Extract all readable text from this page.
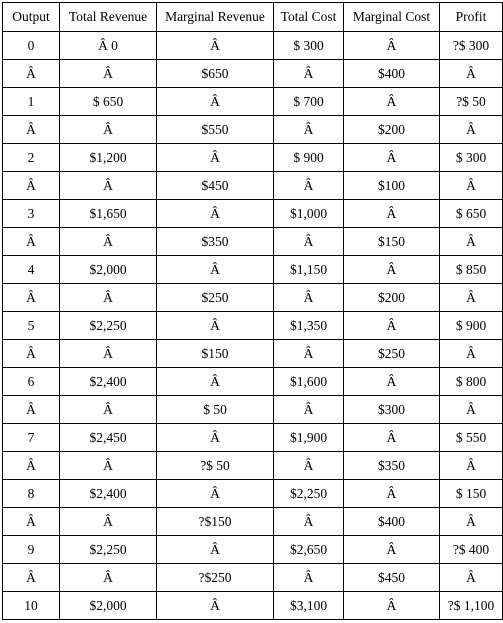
Output	Total Revenue	Marginal Revenue	Total Cost	Marginal Cost	Profit
0	Â 0	Â	$ 300	Â	?$ 300
Â	Â	$650	Â	$400	Â
1	$ 650	Â	$ 700	Â	?$ 50
Â	Â	$550	Â	$200	Â
2	$1,200	Â	$ 900	Â	$ 300
Â	Â	$450	Â	$100	Â
3	$1,650	Â	$1,000	Â	$ 650
Â	Â	$350	Â	$150	Â
4	$2,000	Â	$1,150	Â	$ 850
Â	Â	$250	Â	$200	Â
5	$2,250	Â	$1,350	Â	$ 900
Â	Â	$150	Â	$250	Â
6	$2,400	Â	$1,600	Â	$ 800
Â	Â	$ 50	Â	$300	Â
7	$2,450	Â	$1,900	Â	$ 550
Â	Â	?$ 50	Â	$350	Â
8	$2,400	Â	$2,250	Â	$ 150
Â	Â	?$150	Â	$400	Â
9	$2,250	Â	$2,650	Â	?$ 400
Â	Â	?$250	Â	$450	Â
10	$2,000	Â	$3,100	Â	?$ 1,100
